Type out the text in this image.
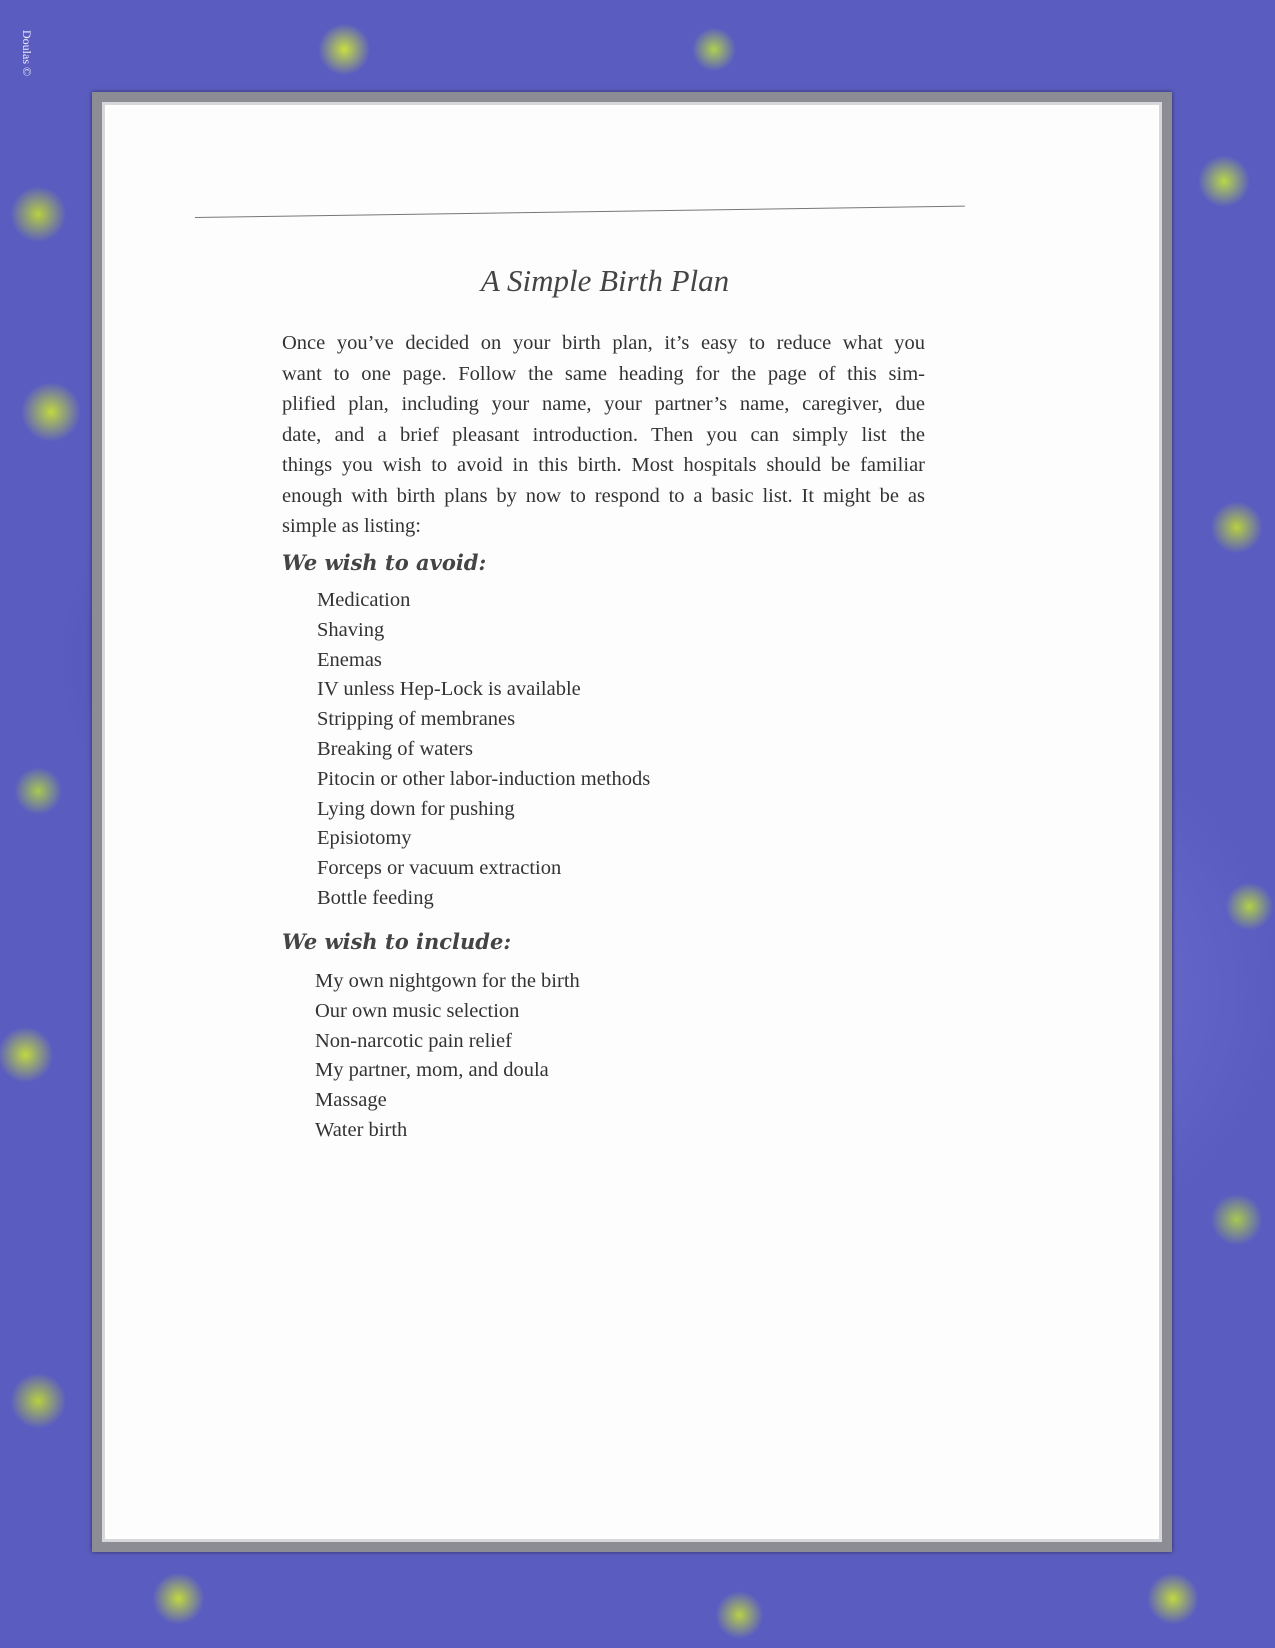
Doulas ©
A Simple Birth Plan
Once you’ve decided on your birth plan, it’s easy to reduce what you
want to one page. Follow the same heading for the page of this sim-
plified plan, including your name, your partner’s name, caregiver, due
date, and a brief pleasant introduction. Then you can simply list the
things you wish to avoid in this birth. Most hospitals should be familiar
enough with birth plans by now to respond to a basic list. It might be as
simple as listing:
We wish to avoid:
Medication
Shaving
Enemas
IV unless Hep-Lock is available
Stripping of membranes
Breaking of waters
Pitocin or other labor-induction methods
Lying down for pushing
Episiotomy
Forceps or vacuum extraction
Bottle feeding
We wish to include:
My own nightgown for the birth
Our own music selection
Non-narcotic pain relief
My partner, mom, and doula
Massage
Water birth
